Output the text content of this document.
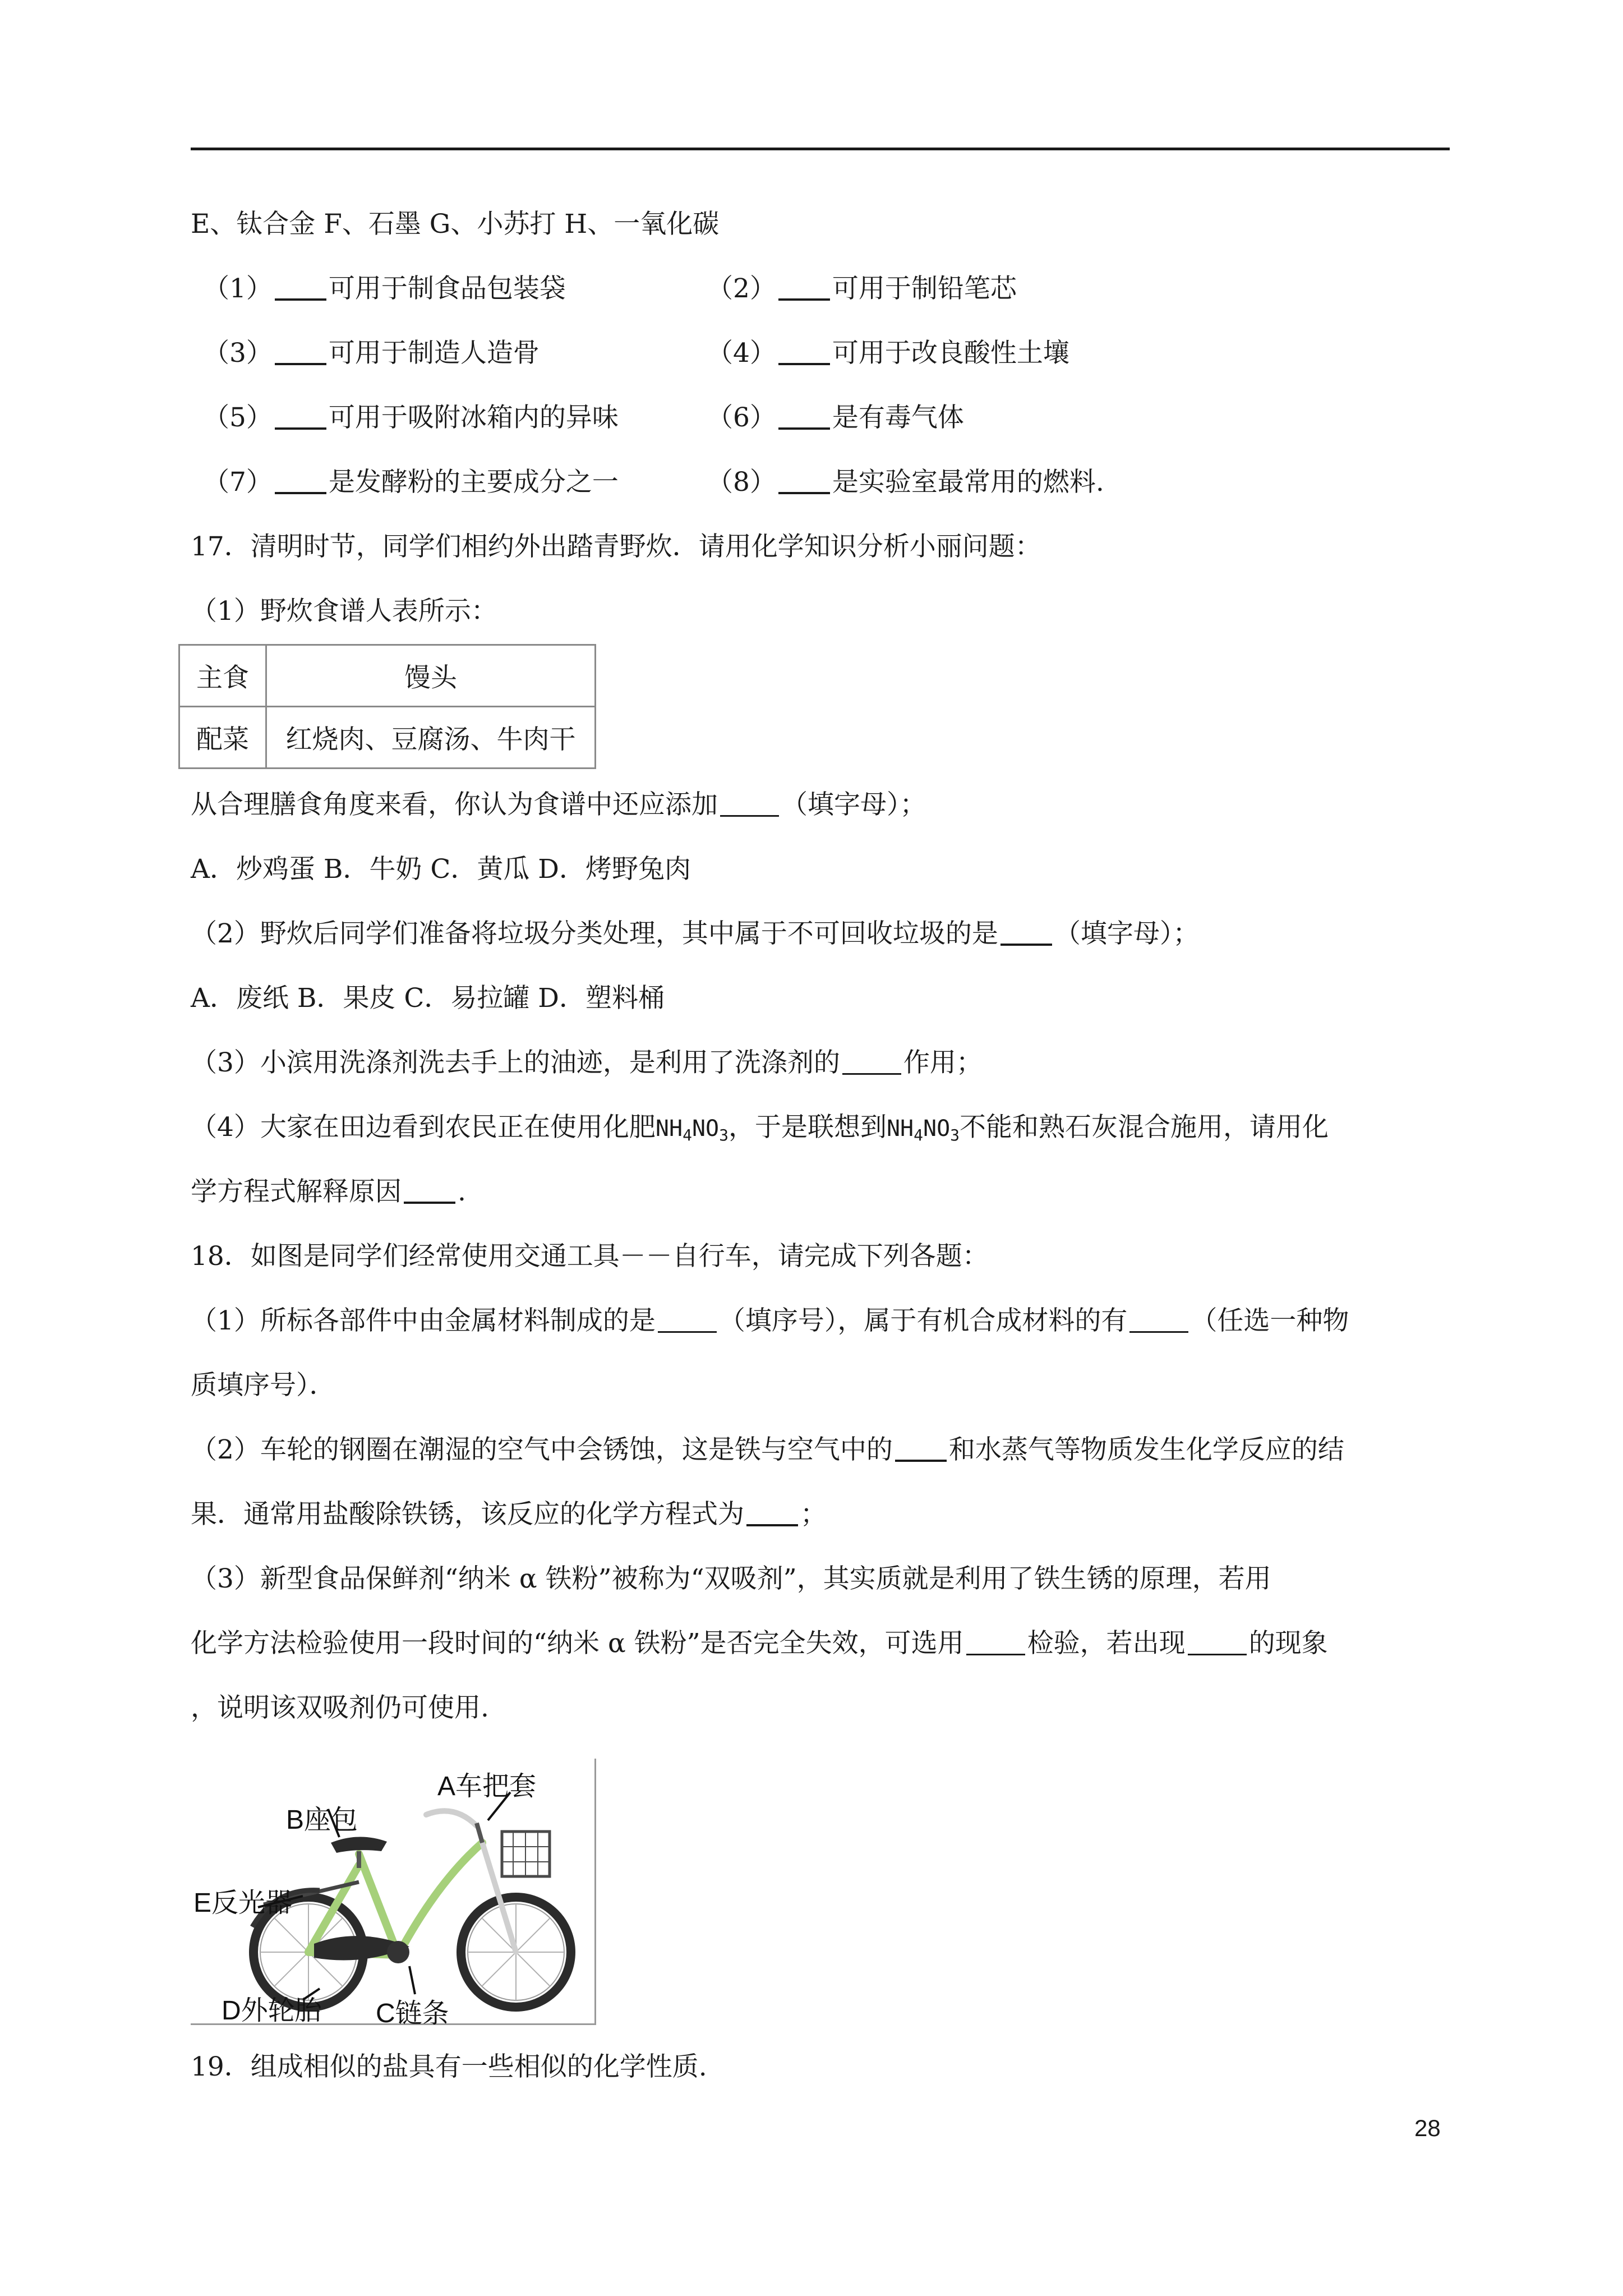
E、钛合金 F、石墨 G、小苏打 H、一氧化碳
（1） 可用于制食品包装袋	（2） 可用于制铅笔芯
（3） 可用于制造人造骨	（4） 可用于改良酸性土壤
（5） 可用于吸附冰箱内的异味	（6） 是有毒气体
（7） 是发酵粉的主要成分之一	（8） 是实验室最常用的燃料.
17．清明时节，同学们相约外出踏青野炊．请用化学知识分析小丽问题：
（1）野炊食谱人表所示：
主食	馒头
配菜	红烧肉、豆腐汤、牛肉干
从合理膳食角度来看，你认为食谱中还应添加 （填字母）；
A．炒鸡蛋 B．牛奶 C．黄瓜 D．烤野兔肉
（2）野炊后同学们准备将垃圾分类处理，其中属于不可回收垃圾的是 （填字母）；
A．废纸 B．果皮 C．易拉罐 D．塑料桶
（3）小滨用洗涤剂洗去手上的油迹，是利用了洗涤剂的 作用；
（4）大家在田边看到农民正在使用化肥$NH_4NO_3$，于是联想到$NH_4NO_3$不能和熟石灰混合施用，请用化
学方程式解释原因 .
18．如图是同学们经常使用交通工具－－自行车，请完成下列各题：
（1）所标各部件中由金属材料制成的是 （填序号），属于有机合成材料的有 （任选一种物
质填序号）．
（2）车轮的钢圈在潮湿的空气中会锈蚀，这是铁与空气中的 和水蒸气等物质发生化学反应的结
果．通常用盐酸除铁锈，该反应的化学方程式为 ；
（3）新型食品保鲜剂“纳米 α 铁粉”被称为“双吸剂”，其实质就是利用了铁生锈的原理，若用
化学方法检验使用一段时间的“纳米 α 铁粉”是否完全失效，可选用 检验，若出现 的现象
，说明该双吸剂仍可使用.
A车把套
B座包
E反光器
D外轮胎 C链条
19．组成相似的盐具有一些相似的化学性质.
28
